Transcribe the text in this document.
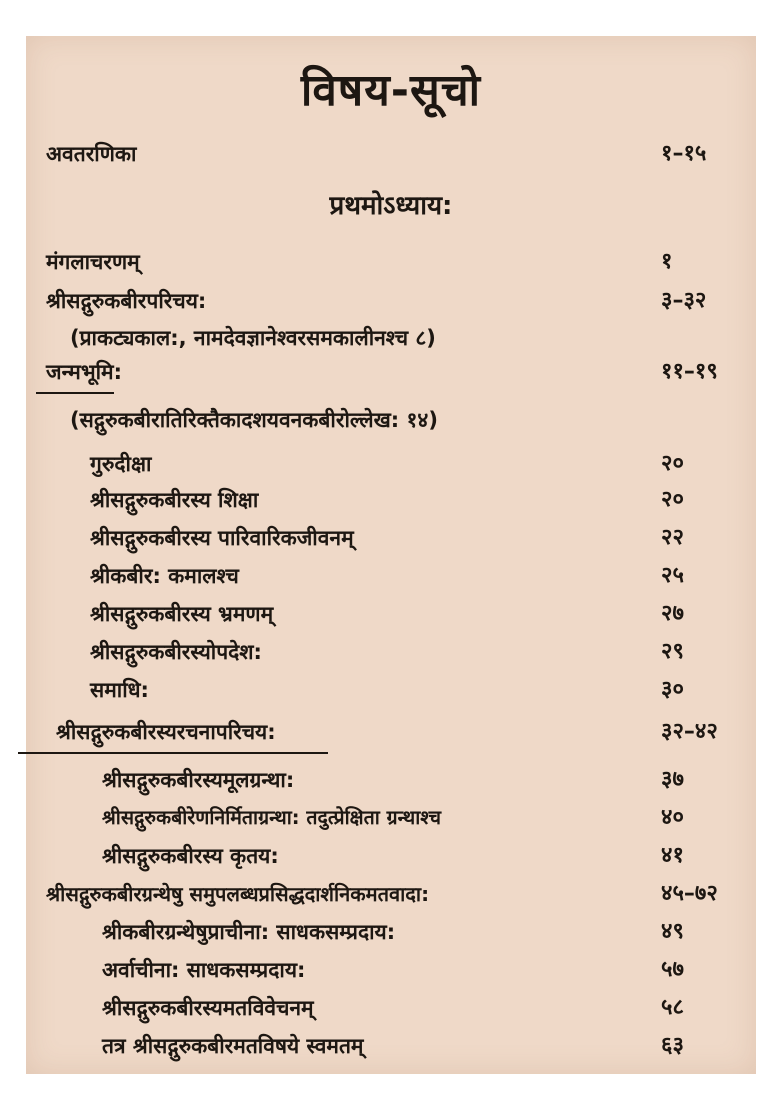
विषय-सूचो
प्रथमोऽध्याय:
अवतरणिका	१–१५
मंगलाचरणम्	१
श्रीसद्गुरुकबीरपरिचय:	३–३२
(प्राकट्यकाल:, नामदेवज्ञानेश्वरसमकालीनश्च ८)
जन्मभूमि:	११–१९
(सद्गुरुकबीरातिरिक्तैकादशयवनकबीरोल्लेख: १४)
गुरुदीक्षा	२०
श्रीसद्गुरुकबीरस्य शिक्षा	२०
श्रीसद्गुरुकबीरस्य पारिवारिकजीवनम्	२२
श्रीकबीर: कमालश्च	२५
श्रीसद्गुरुकबीरस्य भ्रमणम्	२७
श्रीसद्गुरुकबीरस्योपदेश:	२९
समाधि:	३०
श्रीसद्गुरुकबीरस्यरचनापरिचय:	३२–४२
श्रीसद्गुरुकबीरस्यमूलग्रन्था:	३७
श्रीसद्गुरुकबीरेणनिर्मिताग्रन्था: तदुत्प्रेक्षिता ग्रन्थाश्च	४०
श्रीसद्गुरुकबीरस्य कृतय:	४१
श्रीसद्गुरुकबीरग्रन्थेषु समुपलब्धप्रसिद्धदार्शनिकमतवादा:	४५–७२
श्रीकबीरग्रन्थेषुप्राचीना: साधकसम्प्रदाय:	४९
अर्वाचीना: साधकसम्प्रदाय:	५७
श्रीसद्गुरुकबीरस्यमतविवेचनम्	५८
तत्र श्रीसद्गुरुकबीरमतविषये स्वमतम्	६३
